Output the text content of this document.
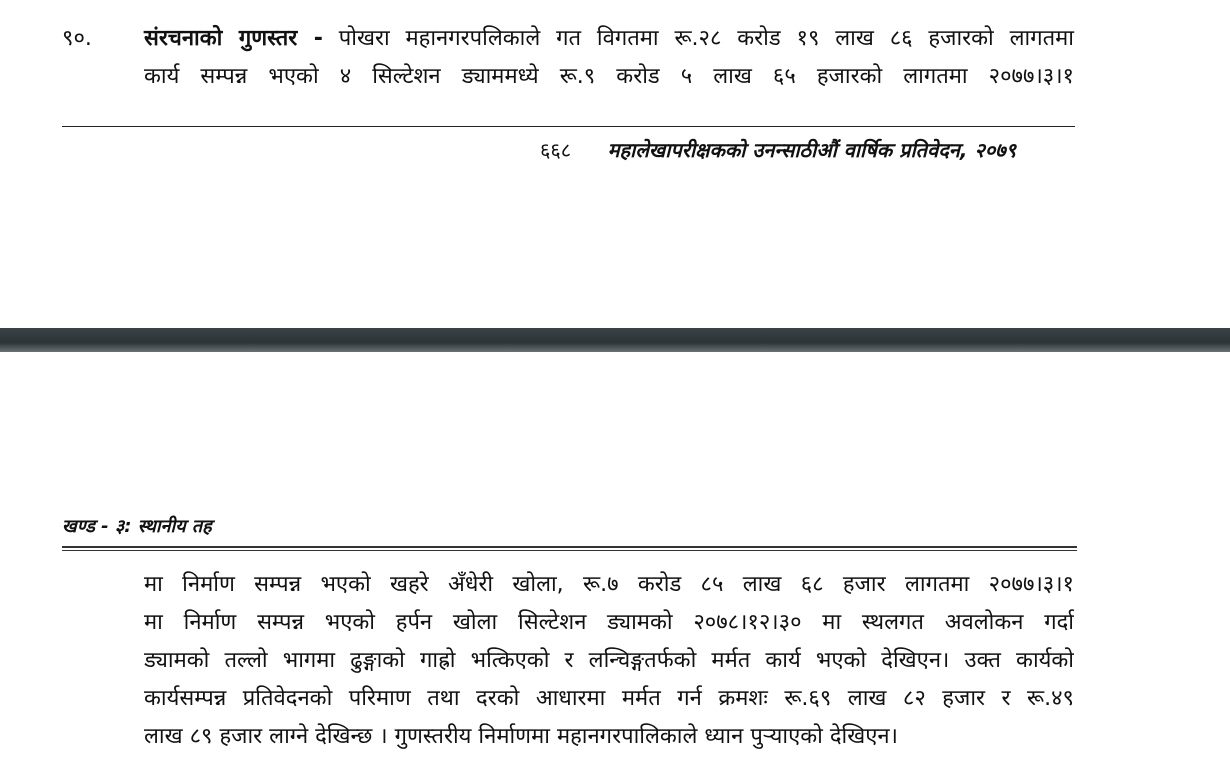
९०. संरचनाको गुणस्तर - पोखरा महानगरपलिकाले गत विगतमा रू.२८ करोड १९ लाख ८६ हजारको लागतमा
कार्य सम्पन्न भएको ४ सिल्टेशन ड्याममध्ये रू.९ करोड ५ लाख ६५ हजारको लागतमा २०७७।३।१
६६८ महालेखापरीक्षकको उनन्साठीऔं वार्षिक प्रतिवेदन, २०७९
खण्ड - ३: स्थानीय तह
मा निर्माण सम्पन्न भएको खहरे अँधेरी खोला, रू.७ करोड ८५ लाख ६८ हजार लागतमा २०७७।३।१
मा निर्माण सम्पन्न भएको हर्पन खोला सिल्टेशन ड्यामको २०७८।१२।३० मा स्थलगत अवलोकन गर्दा
ड्यामको तल्लो भागमा ढुङ्गाको गाह्रो भत्किएको र लन्चिङ्गतर्फको मर्मत कार्य भएको देखिएन। उक्त कार्यको
कार्यसम्पन्न प्रतिवेदनको परिमाण तथा दरको आधारमा मर्मत गर्न क्रमशः रू.६९ लाख ८२ हजार र रू.४९
लाख ८९ हजार लाग्ने देखिन्छ । गुणस्तरीय निर्माणमा महानगरपालिकाले ध्यान पुर्‍याएको देखिएन।
